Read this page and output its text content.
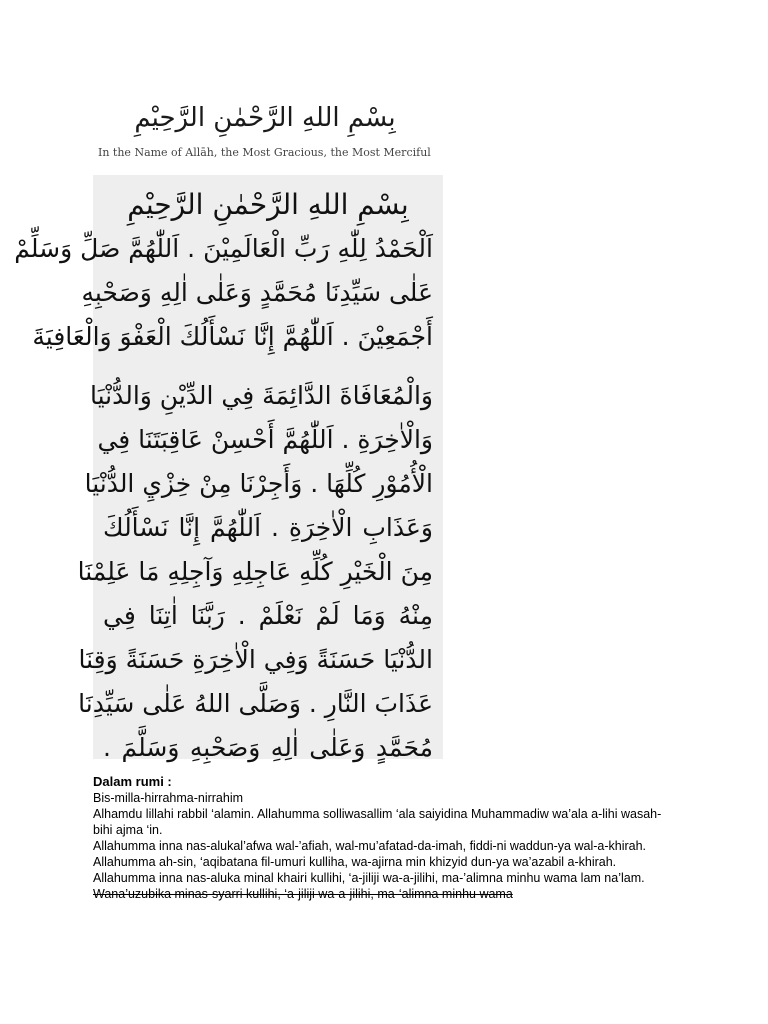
بِسْمِ اللهِ الرَّحْمٰنِ الرَّحِيْمِ
In the Name of Allāh, the Most Gracious, the Most Merciful
بِسْمِ اللهِ الرَّحْمٰنِ الرَّحِيْمِ
اَلْحَمْدُ لِلّٰهِ رَبِّ الْعَالَمِيْنَ . اَللّٰهُمَّ صَلِّ وَسَلِّمْ
عَلٰى سَيِّدِنَا مُحَمَّدٍ وَعَلٰى اٰلِهِ وَصَحْبِهِ
أَجْمَعِيْنَ . اَللّٰهُمَّ إِنَّا نَسْأَلُكَ الْعَفْوَ وَالْعَافِيَةَ
وَالْمُعَافَاةَ الدَّائِمَةَ فِي الدِّيْنِ وَالدُّنْيَا
وَالْاٰخِرَةِ . اَللّٰهُمَّ أَحْسِنْ عَاقِبَتَنَا فِي
الْأُمُوْرِ كُلِّهَا . وَأَجِرْنَا مِنْ خِزْيِ الدُّنْيَا
وَعَذَابِ الْاٰخِرَةِ . اَللّٰهُمَّ إِنَّا نَسْأَلُكَ
مِنَ الْخَيْرِ كُلِّهِ عَاجِلِهِ وَآجِلِهِ مَا عَلِمْنَا
مِنْهُ وَمَا لَمْ نَعْلَمْ . رَبَّنَا اٰتِنَا فِي
الدُّنْيَا حَسَنَةً وَفِي الْاٰخِرَةِ حَسَنَةً وَقِنَا
عَذَابَ النَّارِ . وَصَلَّى اللهُ عَلٰى سَيِّدِنَا
مُحَمَّدٍ وَعَلٰى اٰلِهِ وَصَحْبِهِ وَسَلَّمَ .

Dalam rumi :

Bis-milla-hirrahma-nirrahim

Alhamdu lillahi rabbil ‘alamin. Allahumma solliwasallim ‘ala saiyidina Muhammadiw wa’ala a-lihi wasah-bihi ajma ‘in.

Allahumma inna nas-alukal’afwa wal-’afiah, wal-mu’afatad-da-imah, fiddi-ni waddun-ya wal-a-khirah.

Allahumma ah-sin, ‘aqibatana fil-umuri kulliha, wa-ajirna min khizyid dun-ya wa’azabil a-khirah.

Allahumma inna nas-aluka minal khairi kullihi, ‘a-jiliji wa-a-jilihi, ma-’alimna minhu wama lam na’lam. Wana’uzubika minas-syarri kullihi, ‘a-jiliji wa-a-jilihi, ma-‘alimna minhu wama
